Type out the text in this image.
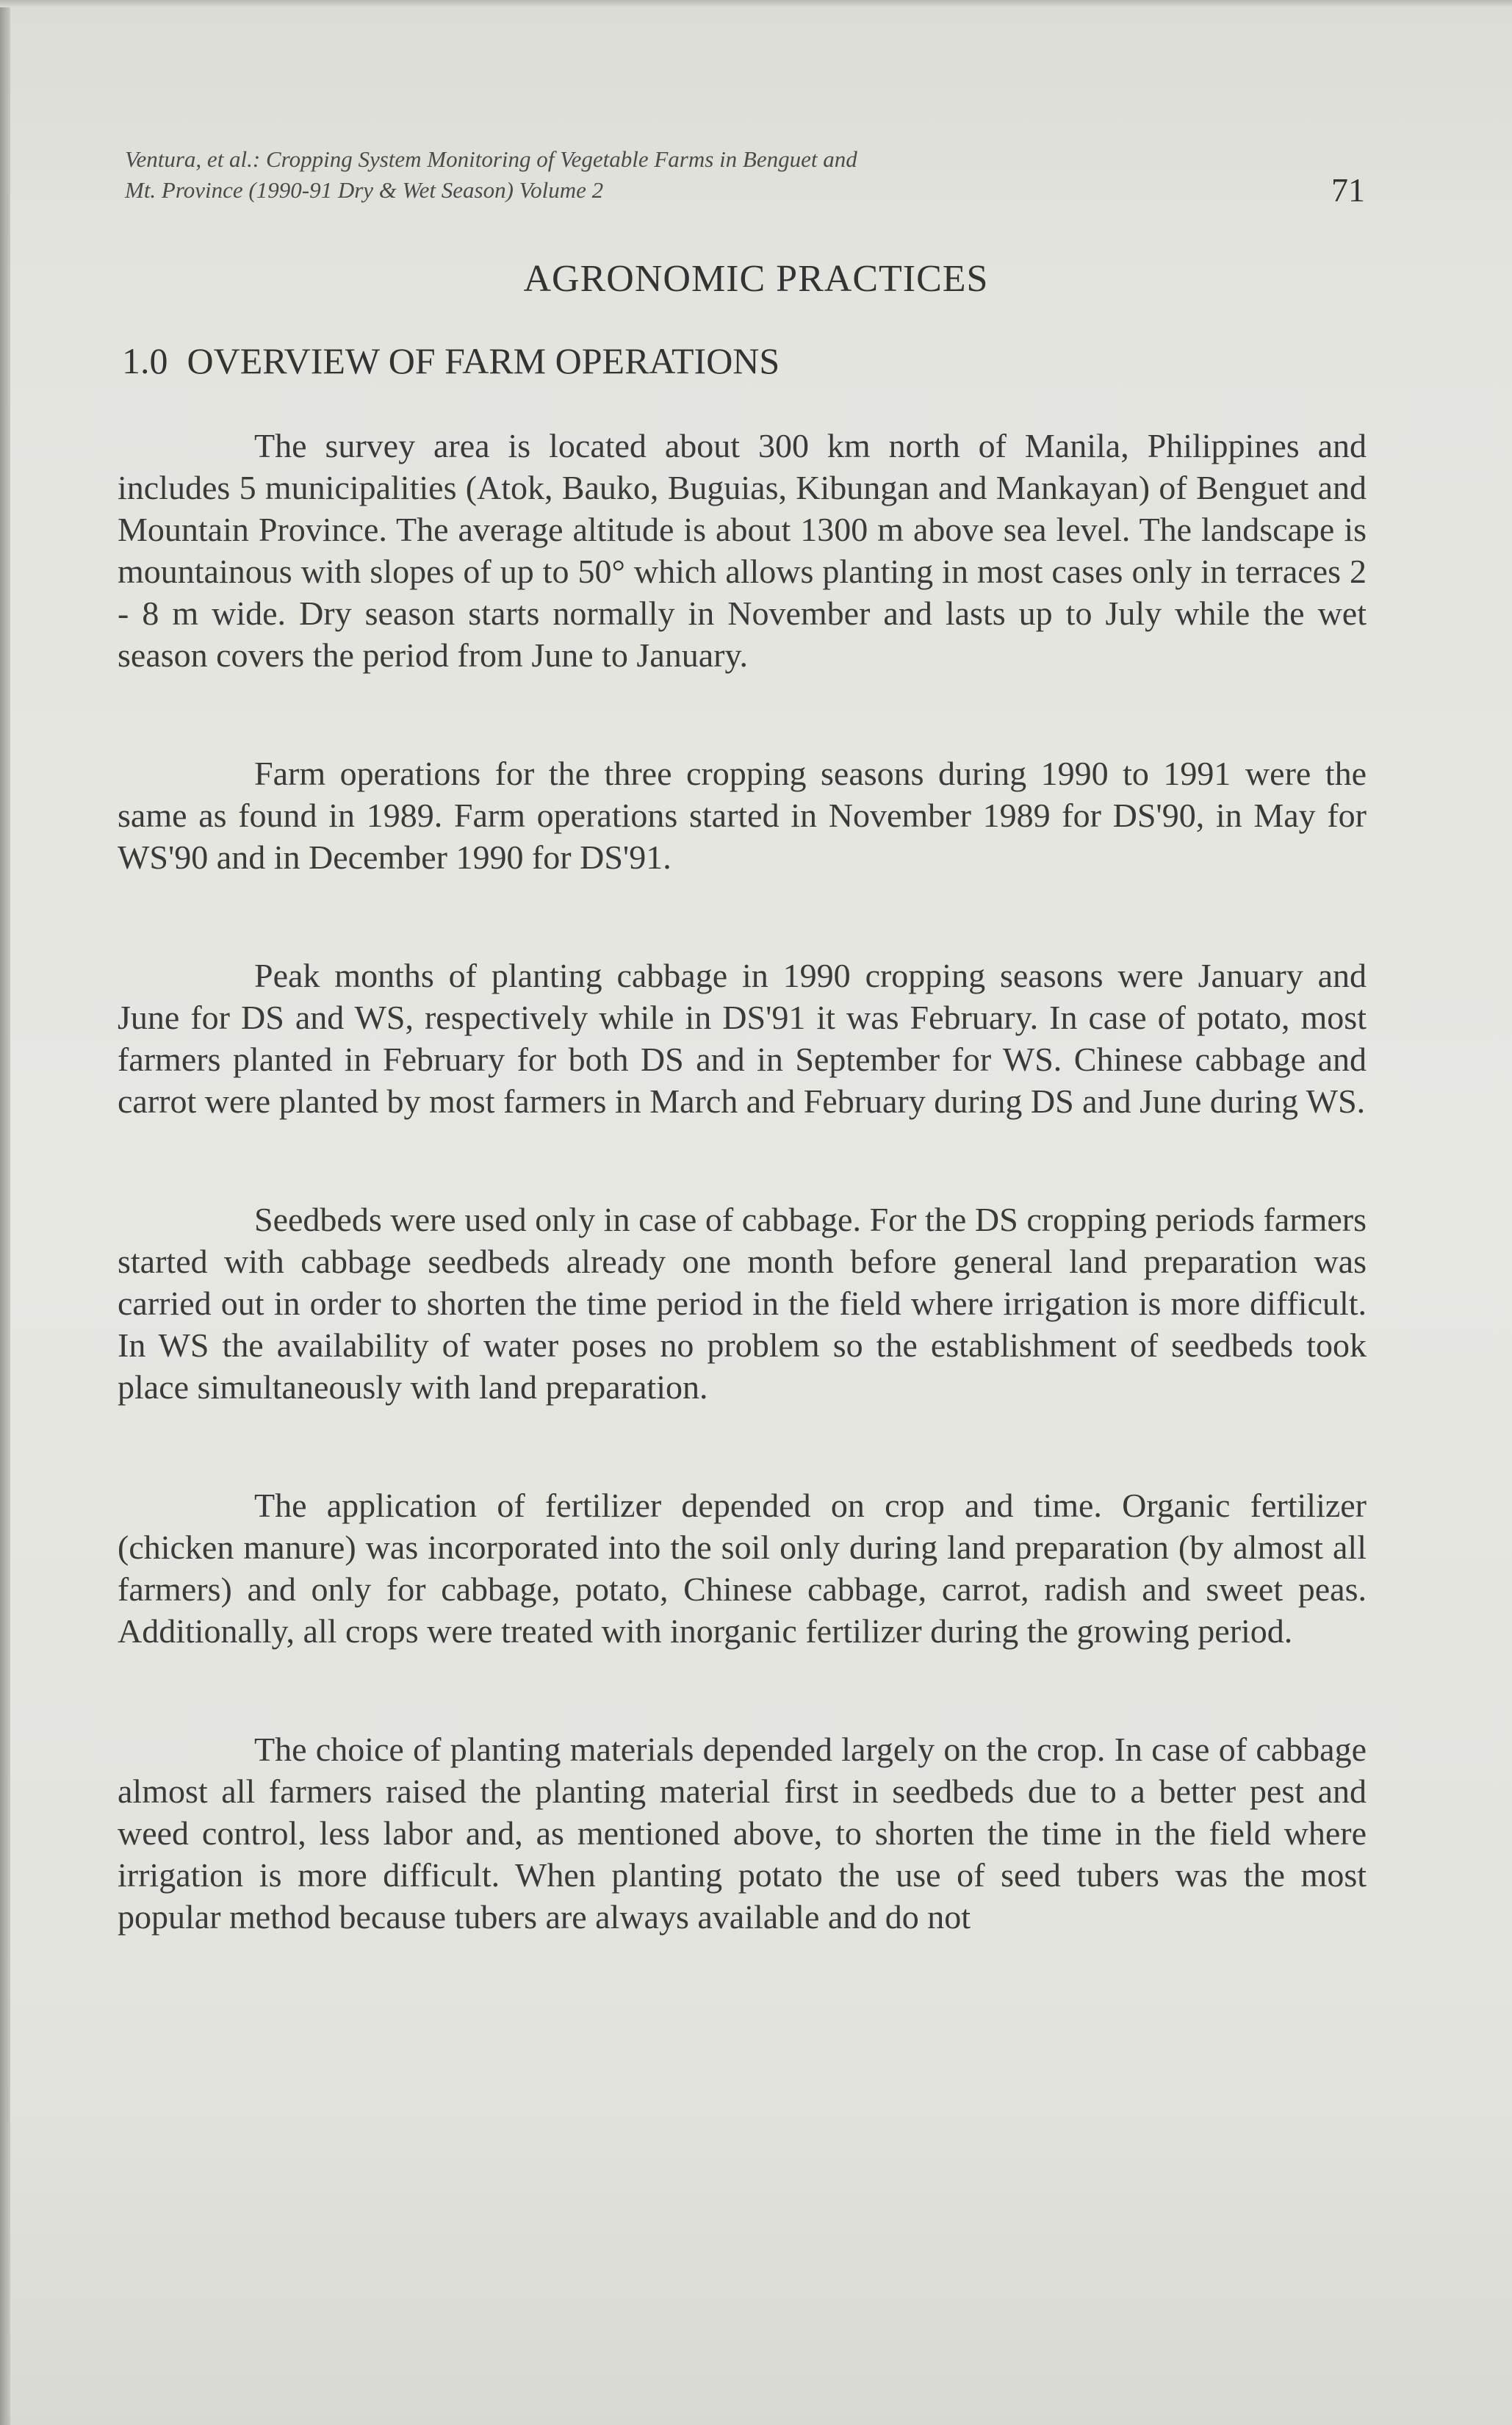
Ventura, et al.: Cropping System Monitoring of Vegetable Farms in Benguet and
Mt. Province (1990-91 Dry & Wet Season) Volume 2	71
AGRONOMIC PRACTICES
1.0 OVERVIEW OF FARM OPERATIONS

The survey area is located about 300 km north of Manila, Philippines and includes 5 municipalities (Atok, Bauko, Buguias, Kibungan and Mankayan) of Benguet and Mountain Province. The average altitude is about 1300 m above sea level. The landscape is mountainous with slopes of up to 50° which allows planting in most cases only in terraces 2 - 8 m wide. Dry season starts normally in November and lasts up to July while the wet season covers the period from June to January.

Farm operations for the three cropping seasons during 1990 to 1991 were the same as found in 1989. Farm operations started in November 1989 for DS'90, in May for WS'90 and in December 1990 for DS'91.

Peak months of planting cabbage in 1990 cropping seasons were January and June for DS and WS, respectively while in DS'91 it was February. In case of potato, most farmers planted in February for both DS and in September for WS. Chinese cabbage and carrot were planted by most farmers in March and February during DS and June during WS.

Seedbeds were used only in case of cabbage. For the DS cropping periods farmers started with cabbage seedbeds already one month before general land preparation was carried out in order to shorten the time period in the field where irrigation is more difficult. In WS the availability of water poses no problem so the establishment of seedbeds took place simultaneously with land preparation.

The application of fertilizer depended on crop and time. Organic fertilizer (chicken manure) was incorporated into the soil only during land preparation (by almost all farmers) and only for cabbage, potato, Chinese cabbage, carrot, radish and sweet peas. Additionally, all crops were treated with inorganic fertilizer during the growing period.

The choice of planting materials depended largely on the crop. In case of cabbage almost all farmers raised the planting material first in seedbeds due to a better pest and weed control, less labor and, as mentioned above, to shorten the time in the field where irrigation is more difficult. When planting potato the use of seed tubers was the most popular method because tubers are always available and do not
